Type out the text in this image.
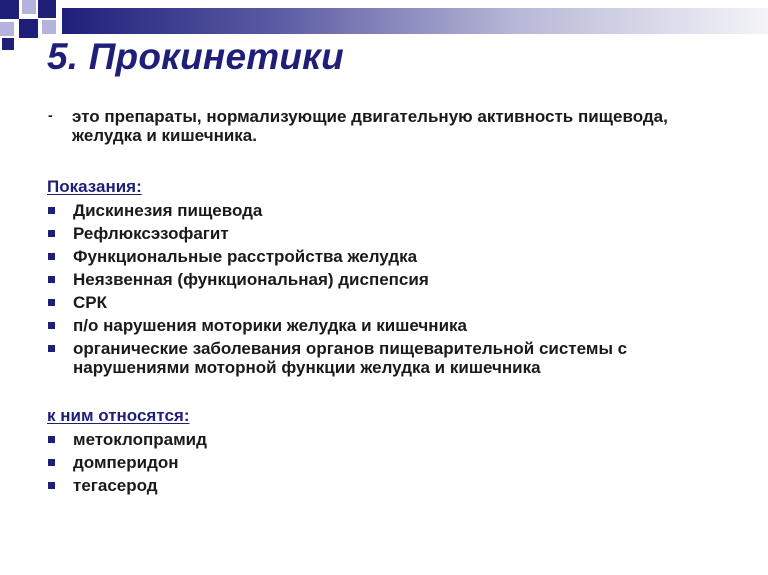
5. Прокинетики
- это препараты, нормализующие двигательную активность пищевода, желудка и кишечника.
Показания:
Дискинезия пищевода
Рефлюксэзофагит
Функциональные расстройства желудка
Неязвенная (функциональная) диспепсия
СРК
п/о нарушения моторики желудка и кишечника
органические заболевания органов пищеварительной системы с нарушениями моторной функции желудка и кишечника
к ним относятся:
метоклопрамид
домперидон
тегасерод
